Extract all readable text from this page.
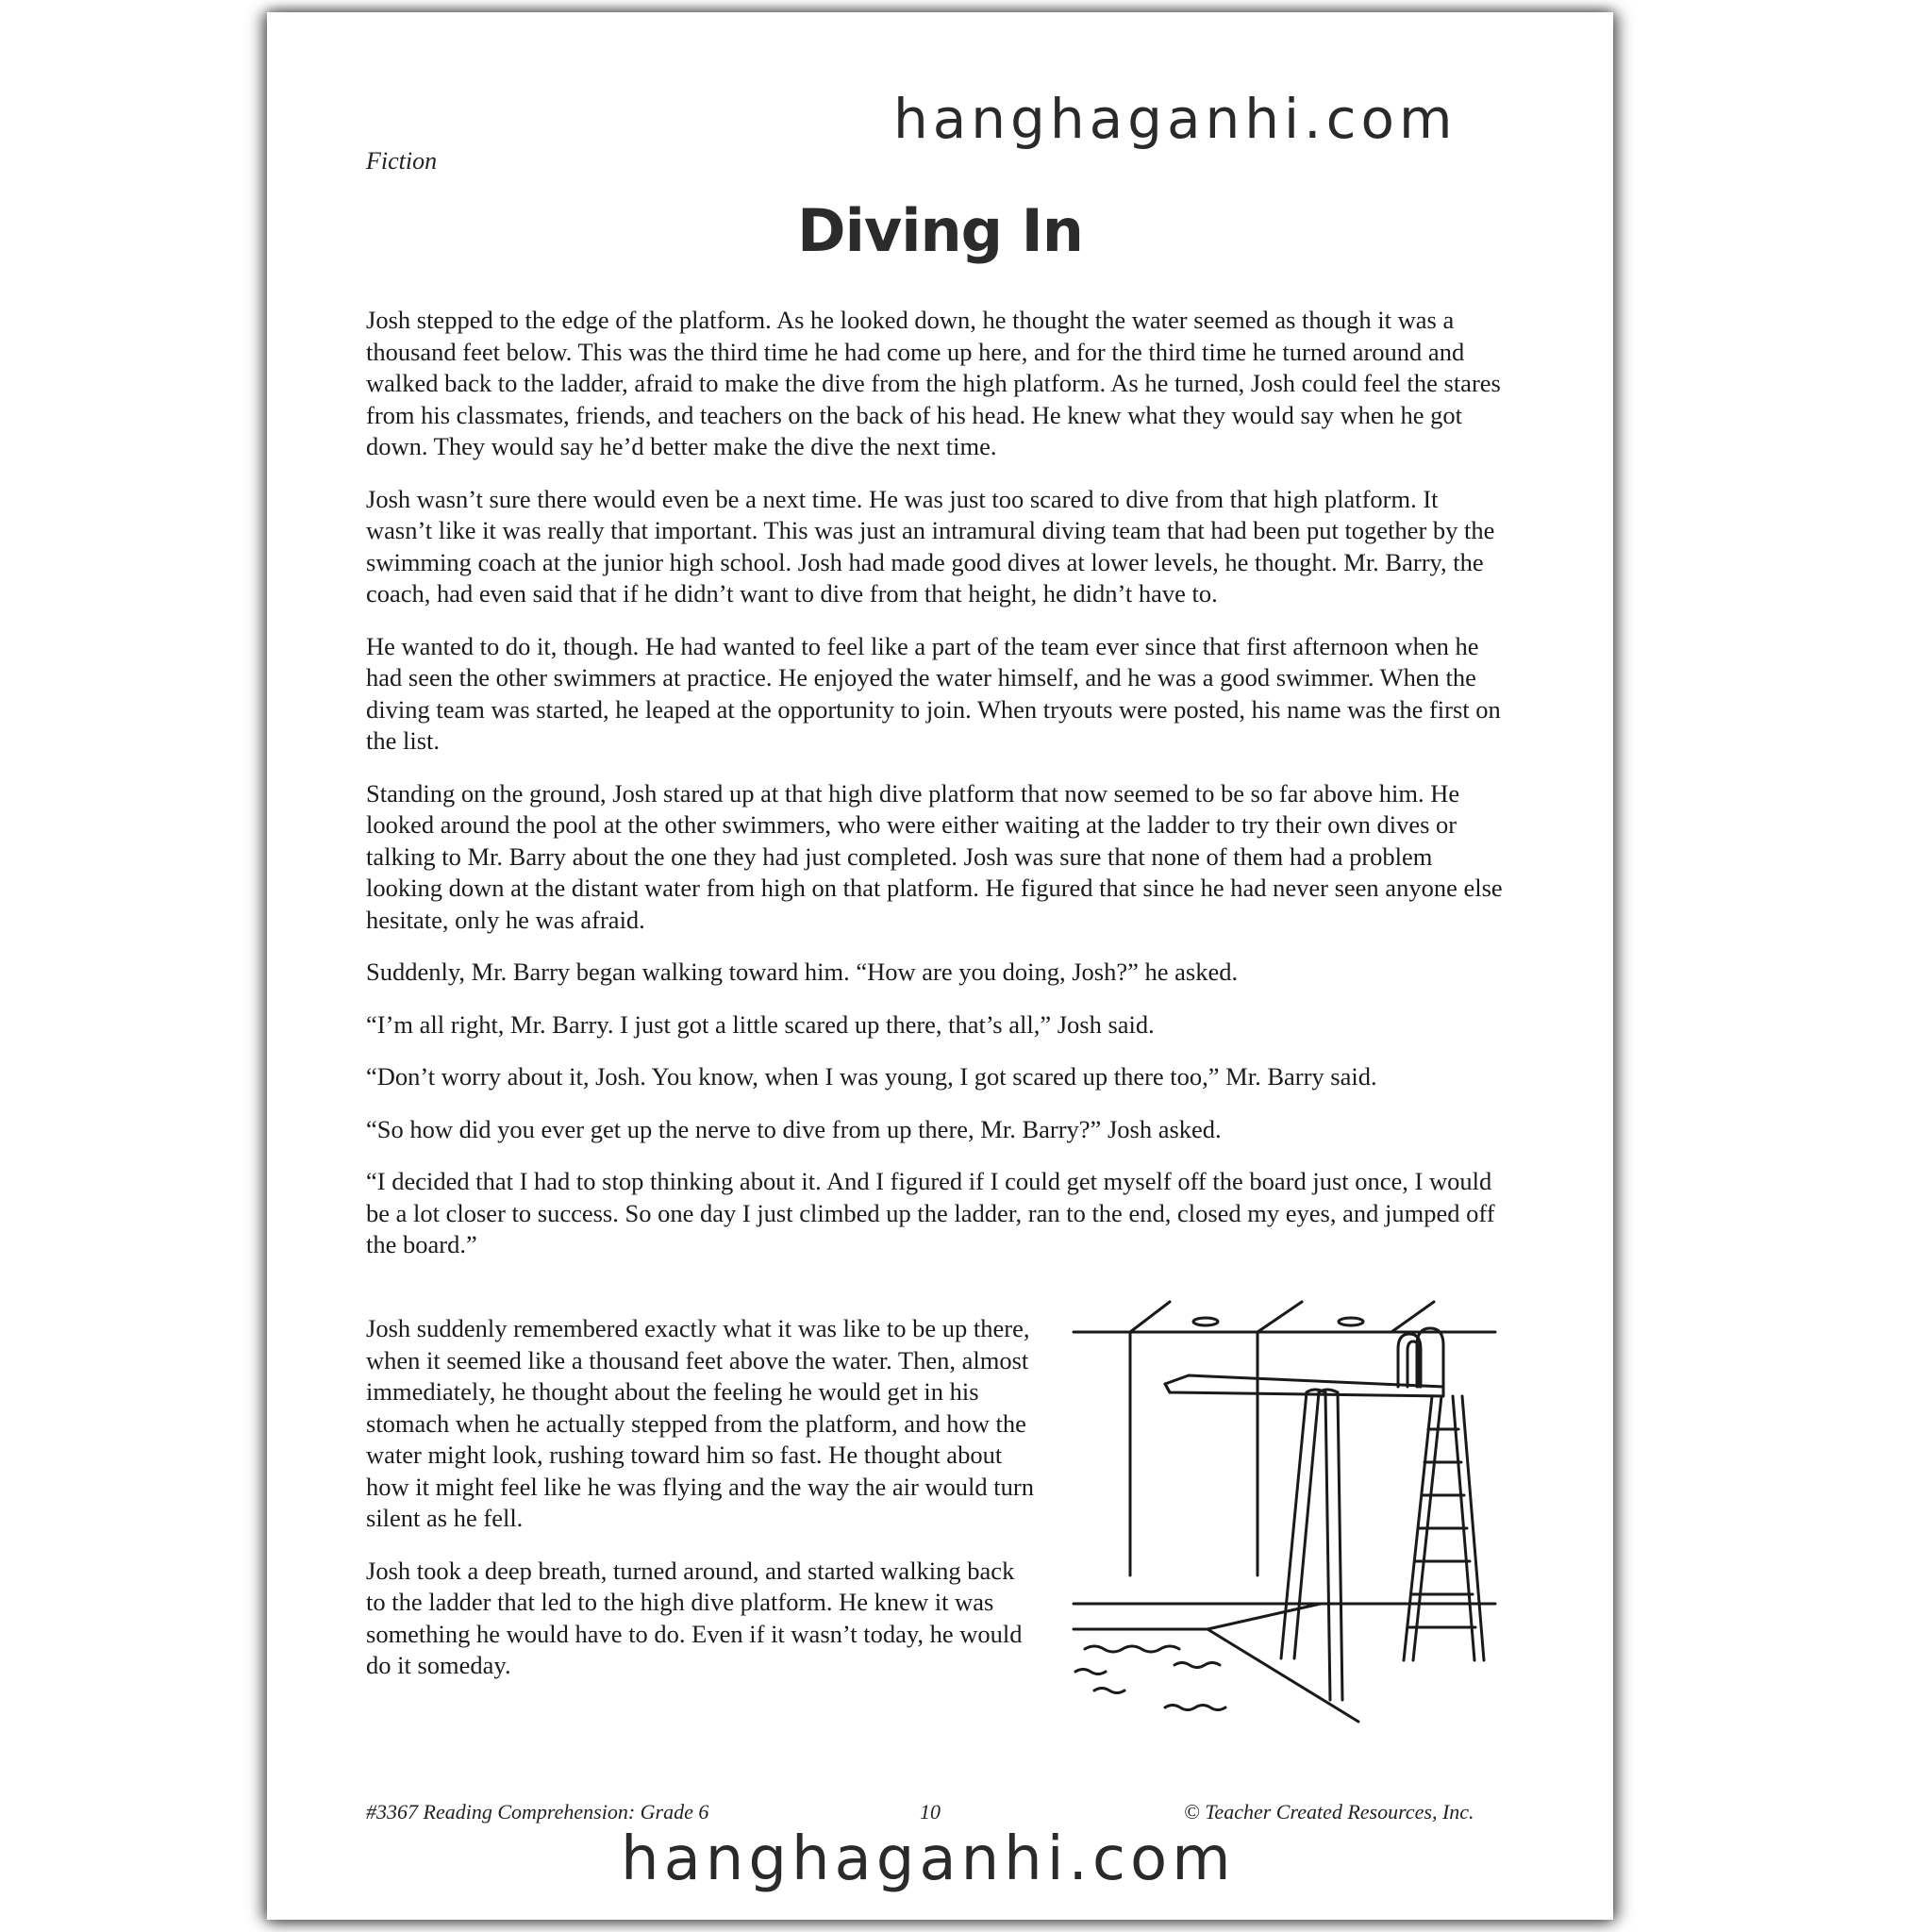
hanghaganhi.com
Fiction
Diving In

Josh stepped to the edge of the platform. As he looked down, he thought the water seemed as though it was a thousand feet below. This was the third time he had come up here, and for the third time he turned around and walked back to the ladder, afraid to make the dive from the high platform. As he turned, Josh could feel the stares from his classmates, friends, and teachers on the back of his head. He knew what they would say when he got down. They would say he’d better make the dive the next time.

Josh wasn’t sure there would even be a next time. He was just too scared to dive from that high platform. It wasn’t like it was really that important. This was just an intramural diving team that had been put together by the swimming coach at the junior high school. Josh had made good dives at lower levels, he thought. Mr. Barry, the coach, had even said that if he didn’t want to dive from that height, he didn’t have to.

He wanted to do it, though. He had wanted to feel like a part of the team ever since that first afternoon when he had seen the other swimmers at practice. He enjoyed the water himself, and he was a good swimmer. When the diving team was started, he leaped at the opportunity to join. When tryouts were posted, his name was the first on the list.

Standing on the ground, Josh stared up at that high dive platform that now seemed to be so far above him. He looked around the pool at the other swimmers, who were either waiting at the ladder to try their own dives or talking to Mr. Barry about the one they had just completed. Josh was sure that none of them had a problem looking down at the distant water from high on that platform. He figured that since he had never seen anyone else hesitate, only he was afraid.

Suddenly, Mr. Barry began walking toward him. “How are you doing, Josh?” he asked.

“I’m all right, Mr. Barry. I just got a little scared up there, that’s all,” Josh said.

“Don’t worry about it, Josh. You know, when I was young, I got scared up there too,” Mr. Barry said.

“So how did you ever get up the nerve to dive from up there, Mr. Barry?” Josh asked.

“I decided that I had to stop thinking about it. And I figured if I could get myself off the board just once, I would be a lot closer to success. So one day I just climbed up the ladder, ran to the end, closed my eyes, and jumped off the board.”

Josh suddenly remembered exactly what it was like to be up there, when it seemed like a thousand feet above the water. Then, almost immediately, he thought about the feeling he would get in his stomach when he actually stepped from the platform, and how the water might look, rushing toward him so fast. He thought about how it might feel like he was flying and the way the air would turn silent as he fell.

Josh took a deep breath, turned around, and started walking back to the ladder that led to the high dive platform. He knew it was something he would have to do. Even if it wasn’t today, he would do it someday.

#3367 Reading Comprehension: Grade 6	10	© Teacher Created Resources, Inc.
hanghaganhi.com
